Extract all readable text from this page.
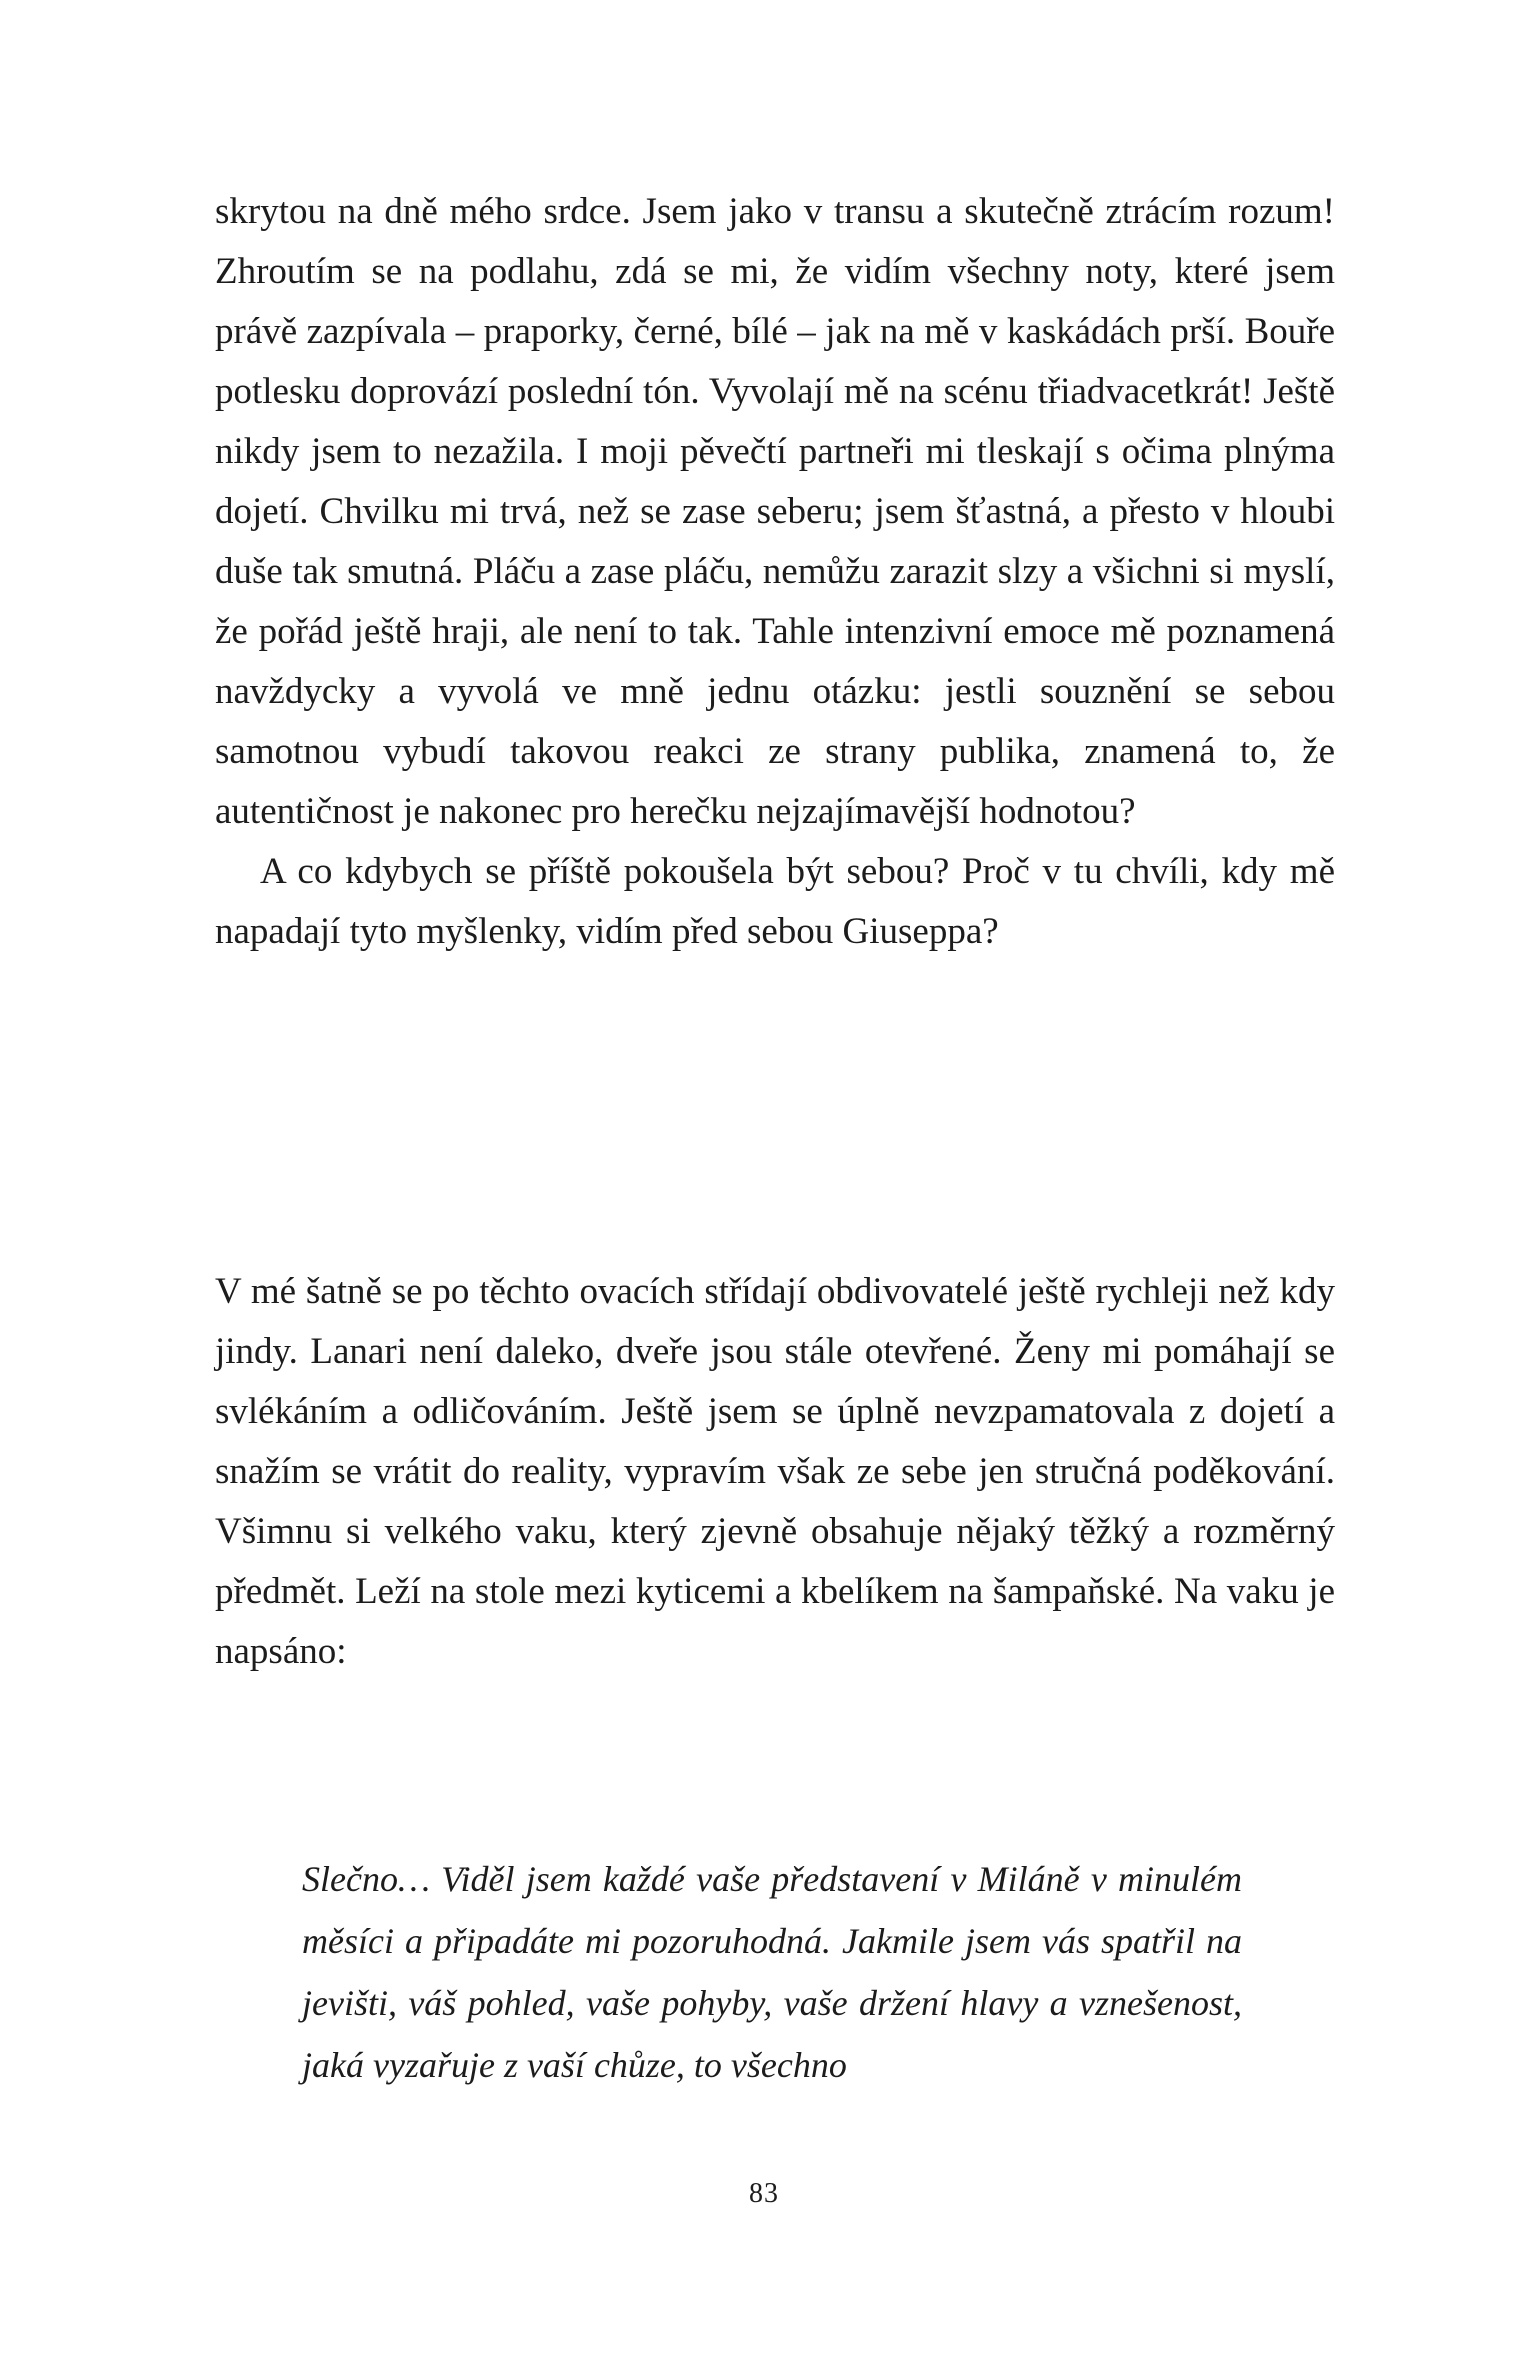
skrytou na dně mého srdce. Jsem jako v transu a skutečně ztrácím rozum! Zhroutím se na podlahu, zdá se mi, že vidím všechny noty, které jsem právě zazpívala – praporky, černé, bílé – jak na mě v kaskádách prší. Bouře potlesku doprovází poslední tón. Vyvolají mě na scénu třiadvacetkrát! Ještě nikdy jsem to nezažila. I moji pěvečtí partneři mi tleskají s očima plnýma dojetí. Chvilku mi trvá, než se zase seberu; jsem šťastná, a přesto v hloubi duše tak smutná. Pláču a zase pláču, nemůžu zarazit slzy a všichni si myslí, že pořád ještě hraji, ale není to tak. Tahle intenzivní emoce mě poznamená navždycky a vyvolá ve mně jednu otázku: jestli souznění se sebou samotnou vybudí takovou reakci ze strany publika, znamená to, že autentičnost je nakonec pro herečku nejzajímavější hodnotou?

A co kdybych se příště pokoušela být sebou? Proč v tu chvíli, kdy mě napadají tyto myšlenky, vidím před sebou Giuseppa?

V mé šatně se po těchto ovacích střídají obdivovatelé ještě rychleji než kdy jindy. Lanari není daleko, dveře jsou stále otevřené. Ženy mi pomáhají se svlékáním a odličováním. Ještě jsem se úplně nevzpamatovala z dojetí a snažím se vrátit do reality, vypravím však ze sebe jen stručná poděkování. Všimnu si velkého vaku, který zjevně obsahuje nějaký těžký a rozměrný předmět. Leží na stole mezi kyticemi a kbelíkem na šampaňské. Na vaku je napsáno:

Slečno… Viděl jsem každé vaše představení v Miláně v minulém měsíci a připadáte mi pozoruhodná. Jakmile jsem vás spatřil na jevišti, váš pohled, vaše pohyby, vaše držení hlavy a vznešenost, jaká vyzařuje z vaší chůze, to všechno

83
